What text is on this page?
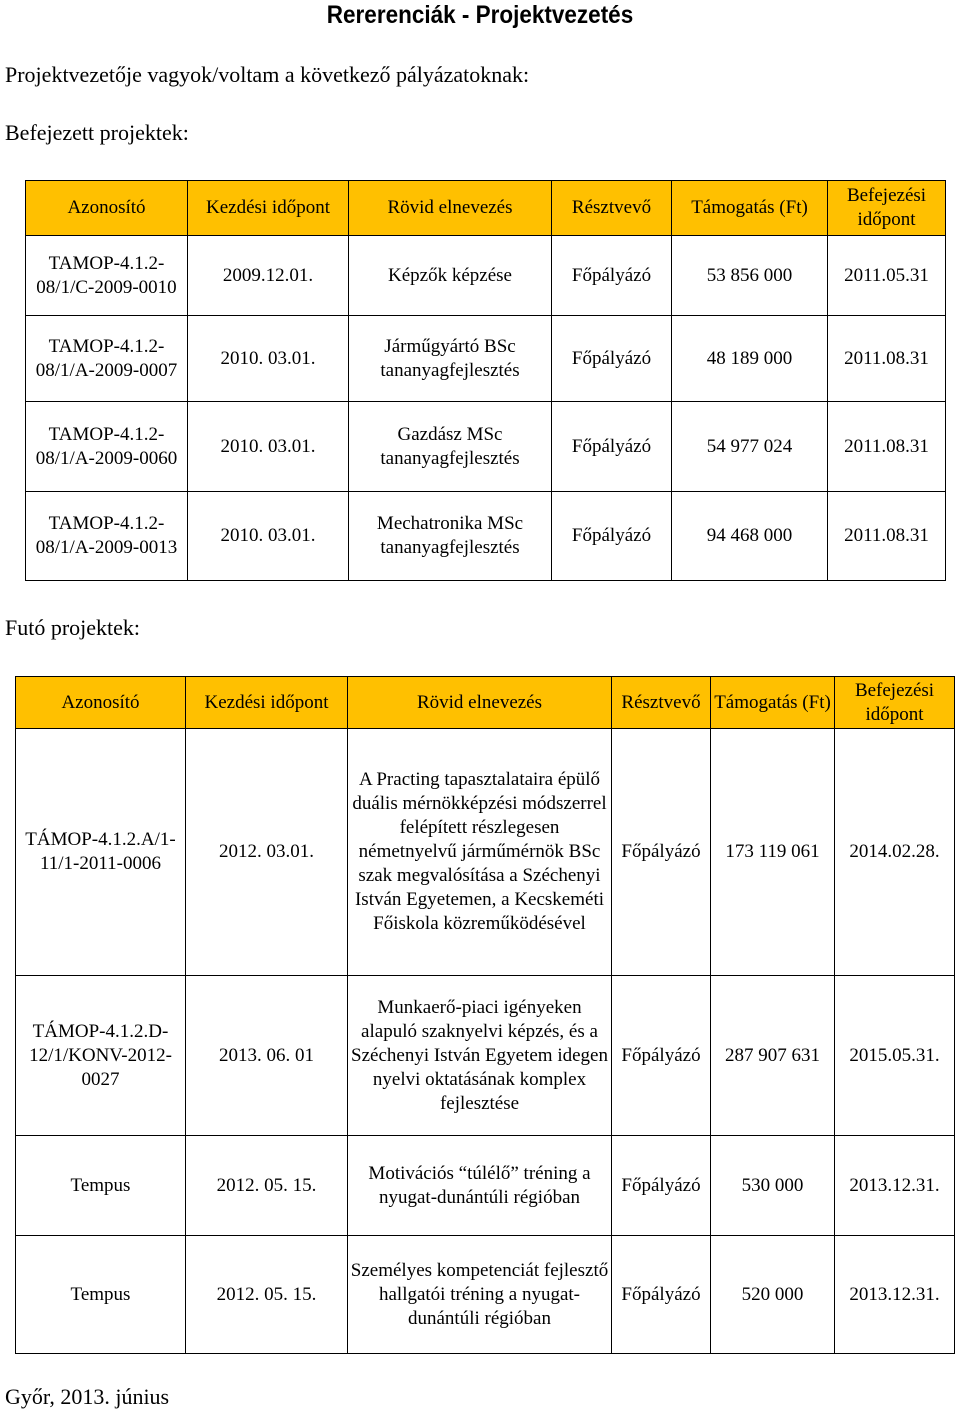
Rererenciák - Projektvezetés
Projektvezetője vagyok/voltam a következő pályázatoknak:
Befejezett projektek:
Azonosító	Kezdési időpont	Rövid elnevezés	Résztvevő	Támogatás (Ft)	Befejezési időpont
TAMOP-4.1.2-08/1/C-2009-0010	2009.12.01.	Képzők képzése	Főpályázó	53 856 000	2011.05.31
TAMOP-4.1.2-08/1/A-2009-0007	2010. 03.01.	Járműgyártó BSc tananyagfejlesztés	Főpályázó	48 189 000	2011.08.31
TAMOP-4.1.2-08/1/A-2009-0060	2010. 03.01.	Gazdász MSc tananyagfejlesztés	Főpályázó	54 977 024	2011.08.31
TAMOP-4.1.2-08/1/A-2009-0013	2010. 03.01.	Mechatronika MSc tananyagfejlesztés	Főpályázó	94 468 000	2011.08.31
Futó projektek:
Azonosító	Kezdési időpont	Rövid elnevezés	Résztvevő	Támogatás (Ft)	Befejezési időpont
TÁMOP-4.1.2.A/1-11/1-2011-0006	2012. 03.01.	A Practing tapasztalataira épülő duális mérnökképzési módszerrel felépített részlegesen németnyelvű járműmérnök BSc szak megvalósítása a Széchenyi István Egyetemen, a Kecskeméti Főiskola közreműködésével	Főpályázó	173 119 061	2014.02.28.
TÁMOP-4.1.2.D-12/1/KONV-2012-0027	2013. 06. 01	Munkaerő-piaci igényeken alapuló szaknyelvi képzés, és a Széchenyi István Egyetem idegen nyelvi oktatásának komplex fejlesztése	Főpályázó	287 907 631	2015.05.31.
Tempus	2012. 05. 15.	Motivációs “túlélő” tréning a nyugat-dunántúli régióban	Főpályázó	530 000	2013.12.31.
Tempus	2012. 05. 15.	Személyes kompetenciát fejlesztő hallgatói tréning a nyugat-dunántúli régióban	Főpályázó	520 000	2013.12.31.
Győr, 2013. június
